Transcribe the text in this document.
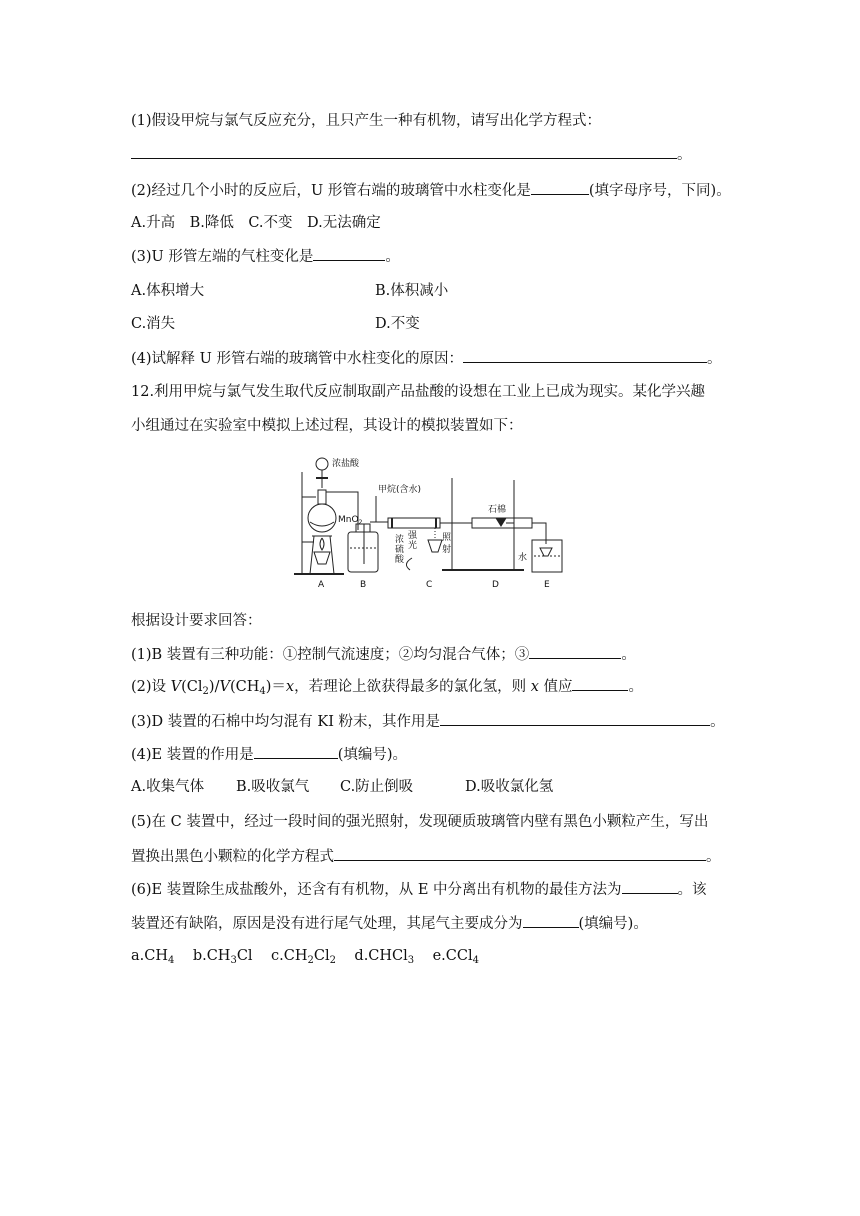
(1)假设甲烷与氯气反应充分，且只产生一种有机物，请写出化学方程式：
。
(2)经过几个小时的反应后，U 形管右端的玻璃管中水柱变化是	(填字母序号，下同)。
A.升高　B.降低　C.不变　D.无法确定
(3)U 形管左端的气柱变化是	。
A.体积增大	B.体积减小
C.消失	D.不变
(4)试解释 U 形管右端的玻璃管中水柱变化的原因：	。
12.利用甲烷与氯气发生取代反应制取副产品盐酸的设想在工业上已成为现实。某化学兴趣
小组通过在实验室中模拟上述过程，其设计的模拟装置如下：
浓盐酸
甲烷(含水)
MnO$_2$
浓
硫
酸
强
光
照
射
石棉
水
A	B	C	D	E
根据设计要求回答：
(1)B 装置有三种功能：①控制气流速度；②均匀混合气体；③	。
(2)设 $V(Cl_2)/V(CH_4)=x$，若理论上欲获得最多的氯化氢，则 x 值应	。
(3)D 装置的石棉中均匀混有 KI 粉末，其作用是	。
(4)E 装置的作用是	(填编号)。
A.收集气体 B.吸收氯气 C.防止倒吸	D.吸收氯化氢
(5)在 C 装置中，经过一段时间的强光照射，发现硬质玻璃管内壁有黑色小颗粒产生，写出
置换出黑色小颗粒的化学方程式	。
(6)E 装置除生成盐酸外，还含有有机物，从 E 中分离出有机物的最佳方法为	。该
装置还有缺陷，原因是没有进行尾气处理，其尾气主要成分为	(填编号)。
$a.CH_4$ $b.CH_3Cl$ $c.CH_2Cl_2$ d.CHCl$_3$ e.CCl$_4$
